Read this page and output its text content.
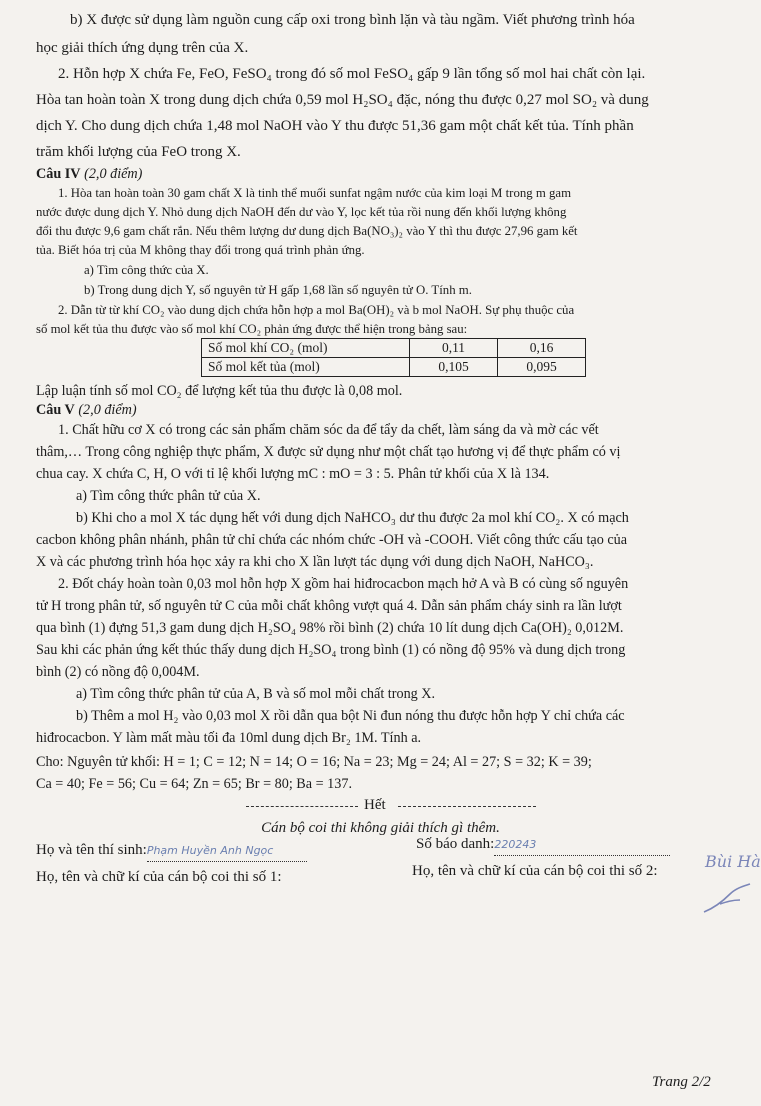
b) X được sử dụng làm nguồn cung cấp oxi trong bình lặn và tàu ngầm. Viết phương trình hóa

học giải thích ứng dụng trên của X.

2. Hỗn hợp X chứa Fe, FeO, FeSO₄ trong đó số mol FeSO₄ gấp 9 lần tổng số mol hai chất còn lại.

Hòa tan hoàn toàn X trong dung dịch chứa 0,59 mol H₂SO₄ đặc, nóng thu được 0,27 mol SO₂ và dung

dịch Y. Cho dung dịch chứa 1,48 mol NaOH vào Y thu được 51,36 gam một chất kết tủa. Tính phần

trăm khối lượng của FeO trong X.

Câu IV (2,0 điểm)

1. Hòa tan hoàn toàn 30 gam chất X là tinh thể muối sunfat ngậm nước của kim loại M trong m gam

nước được dung dịch Y. Nhỏ dung dịch NaOH đến dư vào Y, lọc kết tủa rồi nung đến khối lượng không

đổi thu được 9,6 gam chất rắn. Nếu thêm lượng dư dung dịch Ba(NO₃)₂ vào Y thì thu được 27,96 gam kết

tủa. Biết hóa trị của M không thay đổi trong quá trình phản ứng.

a) Tìm công thức của X.

b) Trong dung dịch Y, số nguyên tử H gấp 1,68 lần số nguyên tử O. Tính m.

2. Dẫn từ từ khí CO₂ vào dung dịch chứa hỗn hợp a mol Ba(OH)₂ và b mol NaOH. Sự phụ thuộc của

số mol kết tủa thu được vào số mol khí CO₂ phản ứng được thể hiện trong bảng sau:

Số mol khí CO₂ (mol)	0,11	0,16
Số mol kết tủa (mol)	0,105	0,095

Lập luận tính số mol CO₂ để lượng kết tủa thu được là 0,08 mol.

Câu V (2,0 điểm)

1. Chất hữu cơ X có trong các sản phẩm chăm sóc da để tẩy da chết, làm sáng da và mờ các vết

thâm,… Trong công nghiệp thực phẩm, X được sử dụng như một chất tạo hương vị để thực phẩm có vị

chua cay. X chứa C, H, O với tỉ lệ khối lượng mC : mO = 3 : 5. Phân tử khối của X là 134.

a) Tìm công thức phân tử của X.

b) Khi cho a mol X tác dụng hết với dung dịch NaHCO₃ dư thu được 2a mol khí CO₂. X có mạch

cacbon không phân nhánh, phân tử chỉ chứa các nhóm chức -OH và -COOH. Viết công thức cấu tạo của

X và các phương trình hóa học xảy ra khi cho X lần lượt tác dụng với dung dịch NaOH, NaHCO₃.

2. Đốt cháy hoàn toàn 0,03 mol hỗn hợp X gồm hai hiđrocacbon mạch hở A và B có cùng số nguyên

tử H trong phân tử, số nguyên tử C của mỗi chất không vượt quá 4. Dẫn sản phẩm cháy sinh ra lần lượt

qua bình (1) đựng 51,3 gam dung dịch H₂SO₄ 98% rồi bình (2) chứa 10 lít dung dịch Ca(OH)₂ 0,012M.

Sau khi các phản ứng kết thúc thấy dung dịch H₂SO₄ trong bình (1) có nồng độ 95% và dung dịch trong

bình (2) có nồng độ 0,004M.

a) Tìm công thức phân tử của A, B và số mol mỗi chất trong X.

b) Thêm a mol H₂ vào 0,03 mol X rồi dẫn qua bột Ni đun nóng thu được hỗn hợp Y chỉ chứa các

hiđrocacbon. Y làm mất màu tối đa 10ml dung dịch Br₂ 1M. Tính a.

Cho: Nguyên tử khối: H = 1; C = 12; N = 14; O = 16; Na = 23; Mg = 24; Al = 27; S = 32; K = 39;

Ca = 40; Fe = 56; Cu = 64; Zn = 65; Br = 80; Ba = 137.

Hết

Cán bộ coi thi không giải thích gì thêm.

Họ và tên thí sinh:Phạm Huyền Anh Ngọc	Số báo danh:220243

Họ, tên và chữ kí của cán bộ coi thi số 1:	Họ, tên và chữ kí của cán bộ coi thi số 2:	Bùi Hà

Trang 2/2
